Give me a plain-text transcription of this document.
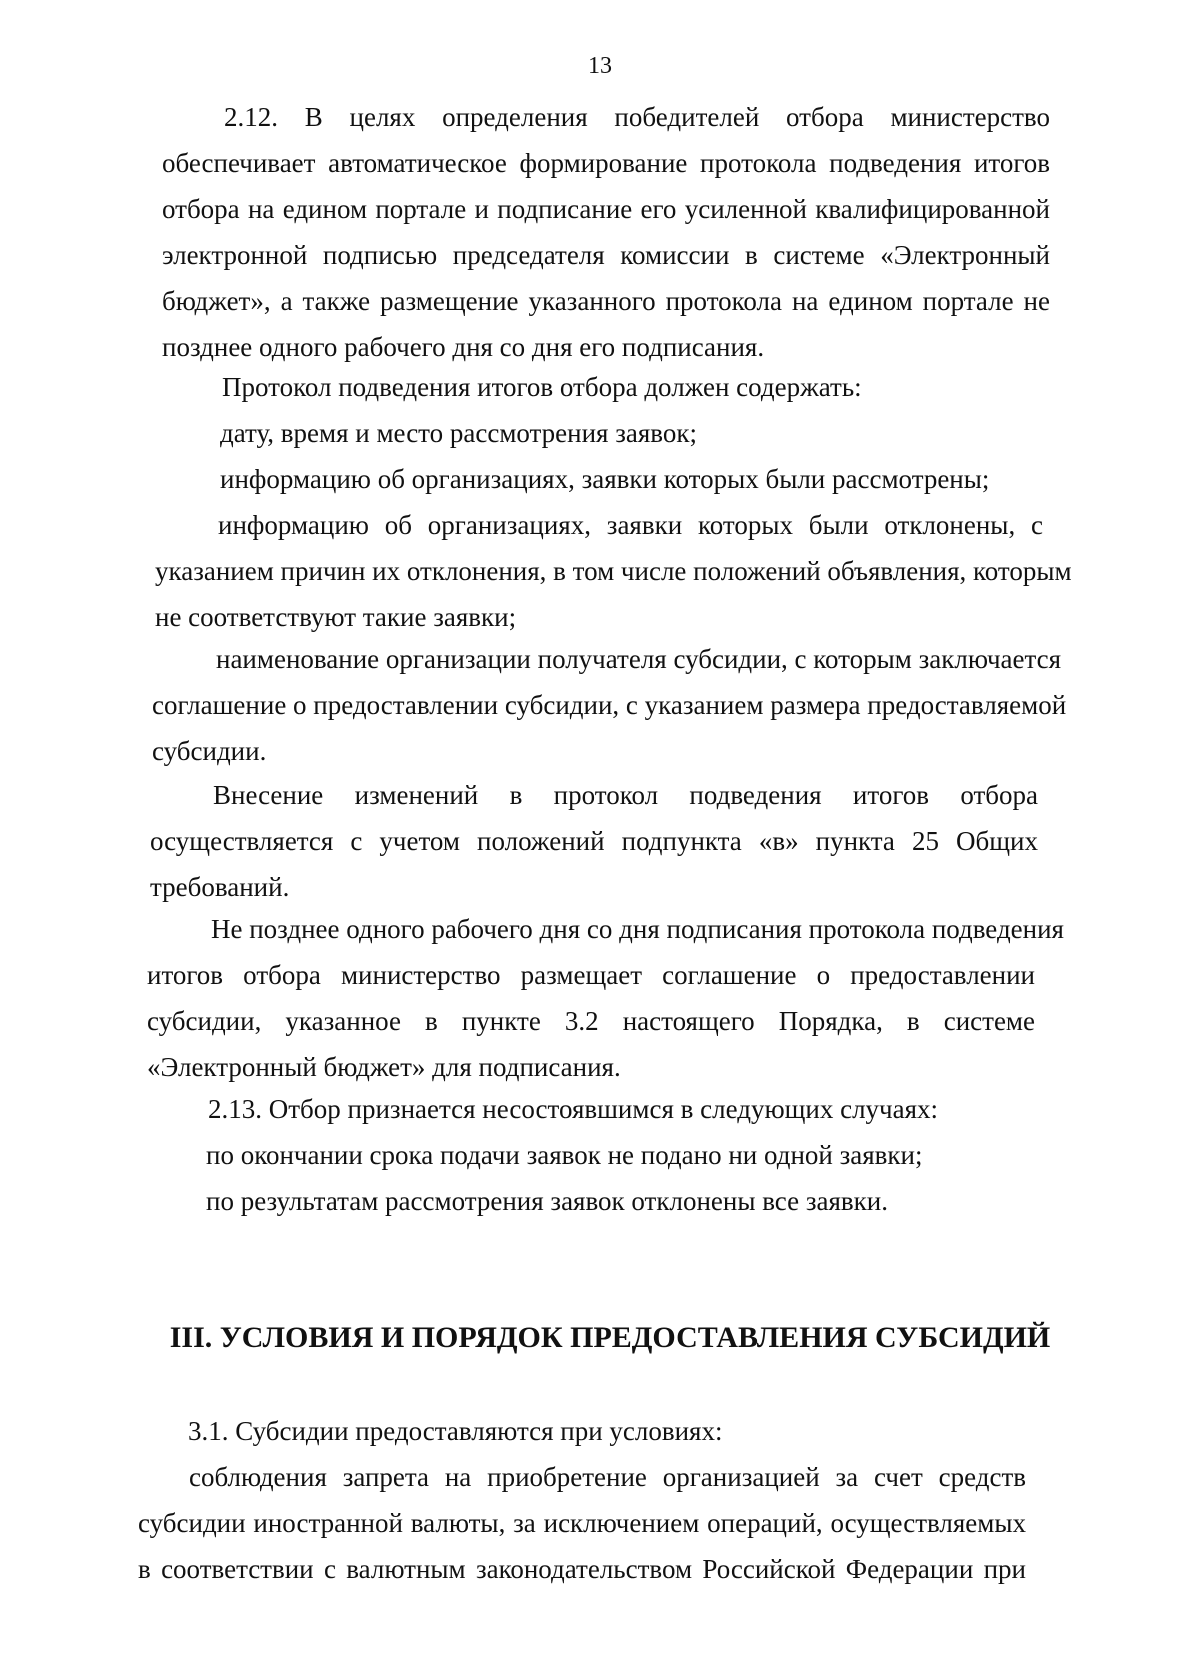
13
2.12. В целях определения победителей отбора министерство
обеспечивает автоматическое формирование протокола подведения итогов
отбора на едином портале и подписание его усиленной квалифицированной
электронной подписью председателя комиссии в системе «Электронный
бюджет», а также размещение указанного протокола на едином портале не
позднее одного рабочего дня со дня его подписания.
Протокол подведения итогов отбора должен содержать:
дату, время и место рассмотрения заявок;
информацию об организациях, заявки которых были рассмотрены;
информацию об организациях, заявки которых были отклонены, с
указанием причин их отклонения, в том числе положений объявления, которым
не соответствуют такие заявки;
наименование организации получателя субсидии, с которым заключается
соглашение о предоставлении субсидии, с указанием размера предоставляемой
субсидии.
Внесение изменений в протокол подведения итогов отбора
осуществляется с учетом положений подпункта «в» пункта 25 Общих
требований.
Не позднее одного рабочего дня со дня подписания протокола подведения
итогов отбора министерство размещает соглашение о предоставлении
субсидии, указанное в пункте 3.2 настоящего Порядка, в системе
«Электронный бюджет» для подписания.
2.13. Отбор признается несостоявшимся в следующих случаях:
по окончании срока подачи заявок не подано ни одной заявки;
по результатам рассмотрения заявок отклонены все заявки.
III. УСЛОВИЯ И ПОРЯДОК ПРЕДОСТАВЛЕНИЯ СУБСИДИЙ
3.1. Субсидии предоставляются при условиях:
соблюдения запрета на приобретение организацией за счет средств
субсидии иностранной валюты, за исключением операций, осуществляемых
в соответствии с валютным законодательством Российской Федерации при
